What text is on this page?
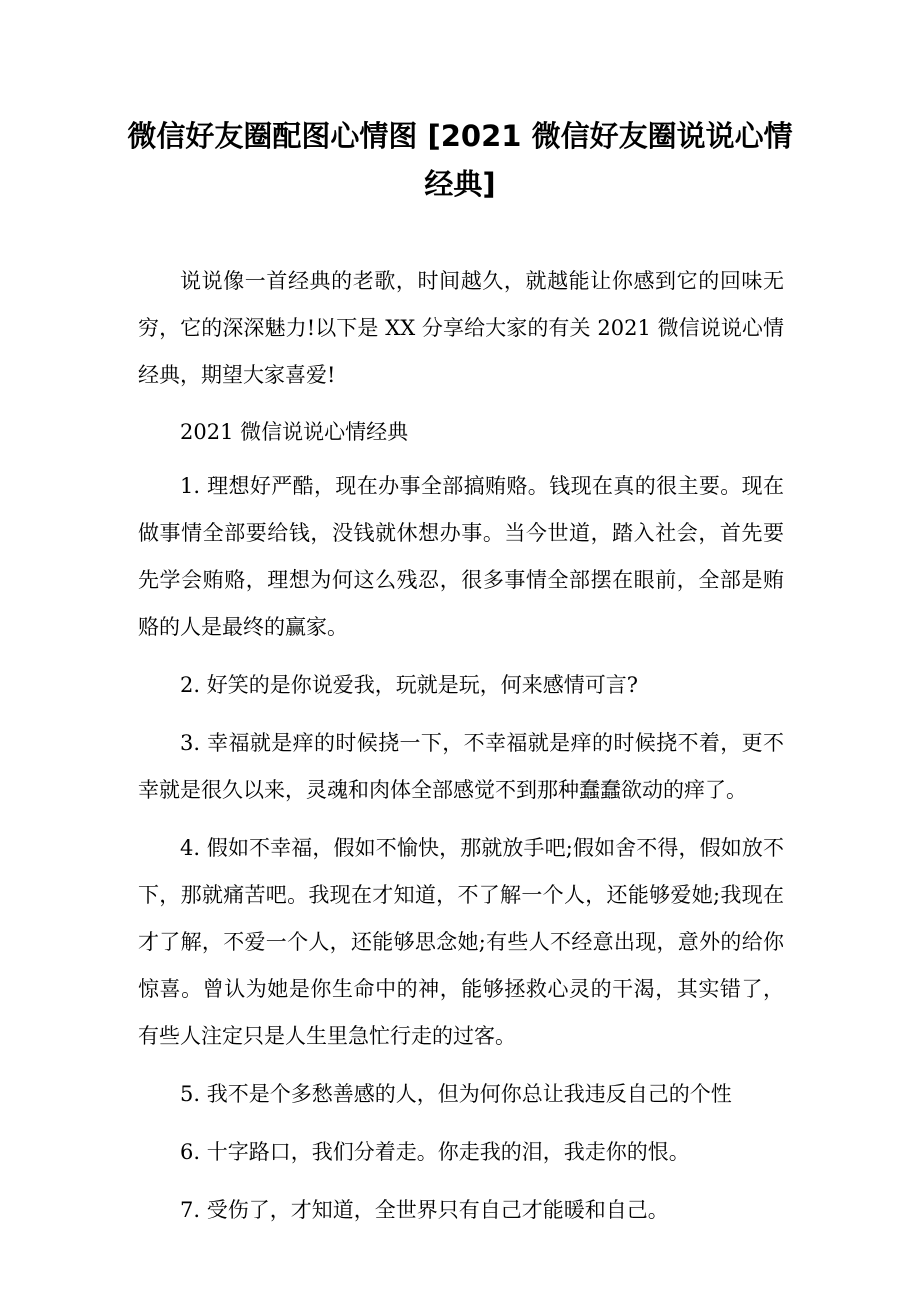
微信好友圈配图心情图 [2021 微信好友圈说说心情经典]

说说像一首经典的老歌，时间越久，就越能让你感到它的回味无穷，它的深深魅力!以下是 XX 分享给大家的有关 2021 微信说说心情经典，期望大家喜爱!

2021 微信说说心情经典

1. 理想好严酷，现在办事全部搞贿赂。钱现在真的很主要。现在做事情全部要给钱，没钱就休想办事。当今世道，踏入社会，首先要先学会贿赂，理想为何这么残忍，很多事情全部摆在眼前，全部是贿赂的人是最终的赢家。

2. 好笑的是你说爱我，玩就是玩，何来感情可言?

3. 幸福就是痒的时候挠一下，不幸福就是痒的时候挠不着，更不幸就是很久以来，灵魂和肉体全部感觉不到那种蠢蠢欲动的痒了。

4. 假如不幸福，假如不愉快，那就放手吧;假如舍不得，假如放不下，那就痛苦吧。我现在才知道，不了解一个人，还能够爱她;我现在才了解，不爱一个人，还能够思念她;有些人不经意出现，意外的给你惊喜。曾认为她是你生命中的神，能够拯救心灵的干渴，其实错了，有些人注定只是人生里急忙行走的过客。

5. 我不是个多愁善感的人，但为何你总让我违反自己的个性

6. 十字路口，我们分着走。你走我的泪，我走你的恨。

7. 受伤了，才知道，全世界只有自己才能暖和自己。
